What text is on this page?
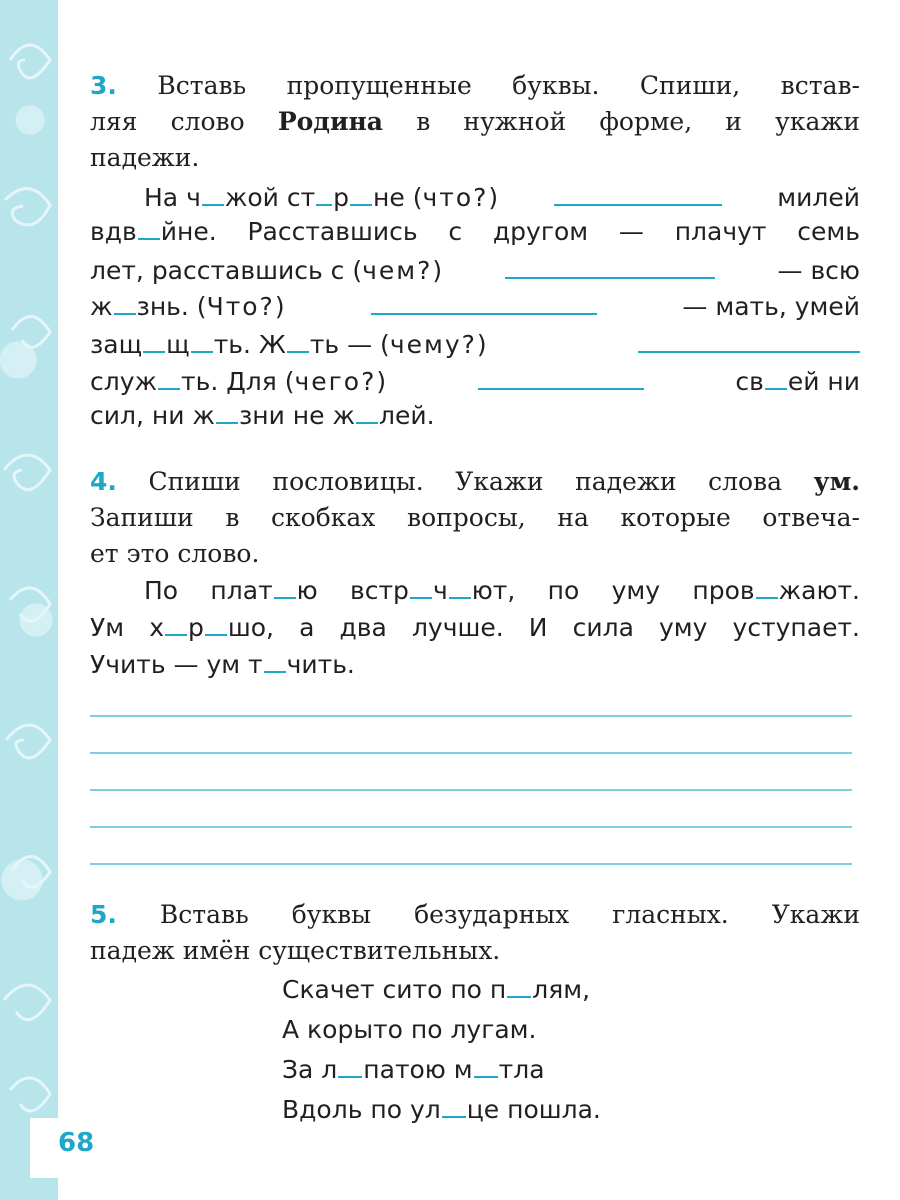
68
3. Вставь пропущенные буквы. Спиши, встав-
ляя слово Родина в нужной форме, и укажи
падежи.
На ч жой ст р не (что?)	милей
вдв йне. Расставшись с другом — плачут семь
лет, расставшись с (чем?)	— всю
ж знь. (Что?)	— мать, умей
защ щ ть. Ж ть — (чему?)
служ ть. Для (чего?)	св ей ни
сил, ни ж зни не ж лей.
4. Спиши пословицы. Укажи падежи слова ум.
Запиши в скобках вопросы, на которые отвеча-
ет это слово.
По плат ю встр ч ют, по уму пров жают.
Ум х р шо, а два лучше. И сила уму уступает.
Учить — ум т чить.
5. Вставь буквы безударных гласных. Укажи
падеж имён существительных.
Скачет сито по п лям,
А корыто по лугам.
За л патою м тла
Вдоль по ул це пошла.
